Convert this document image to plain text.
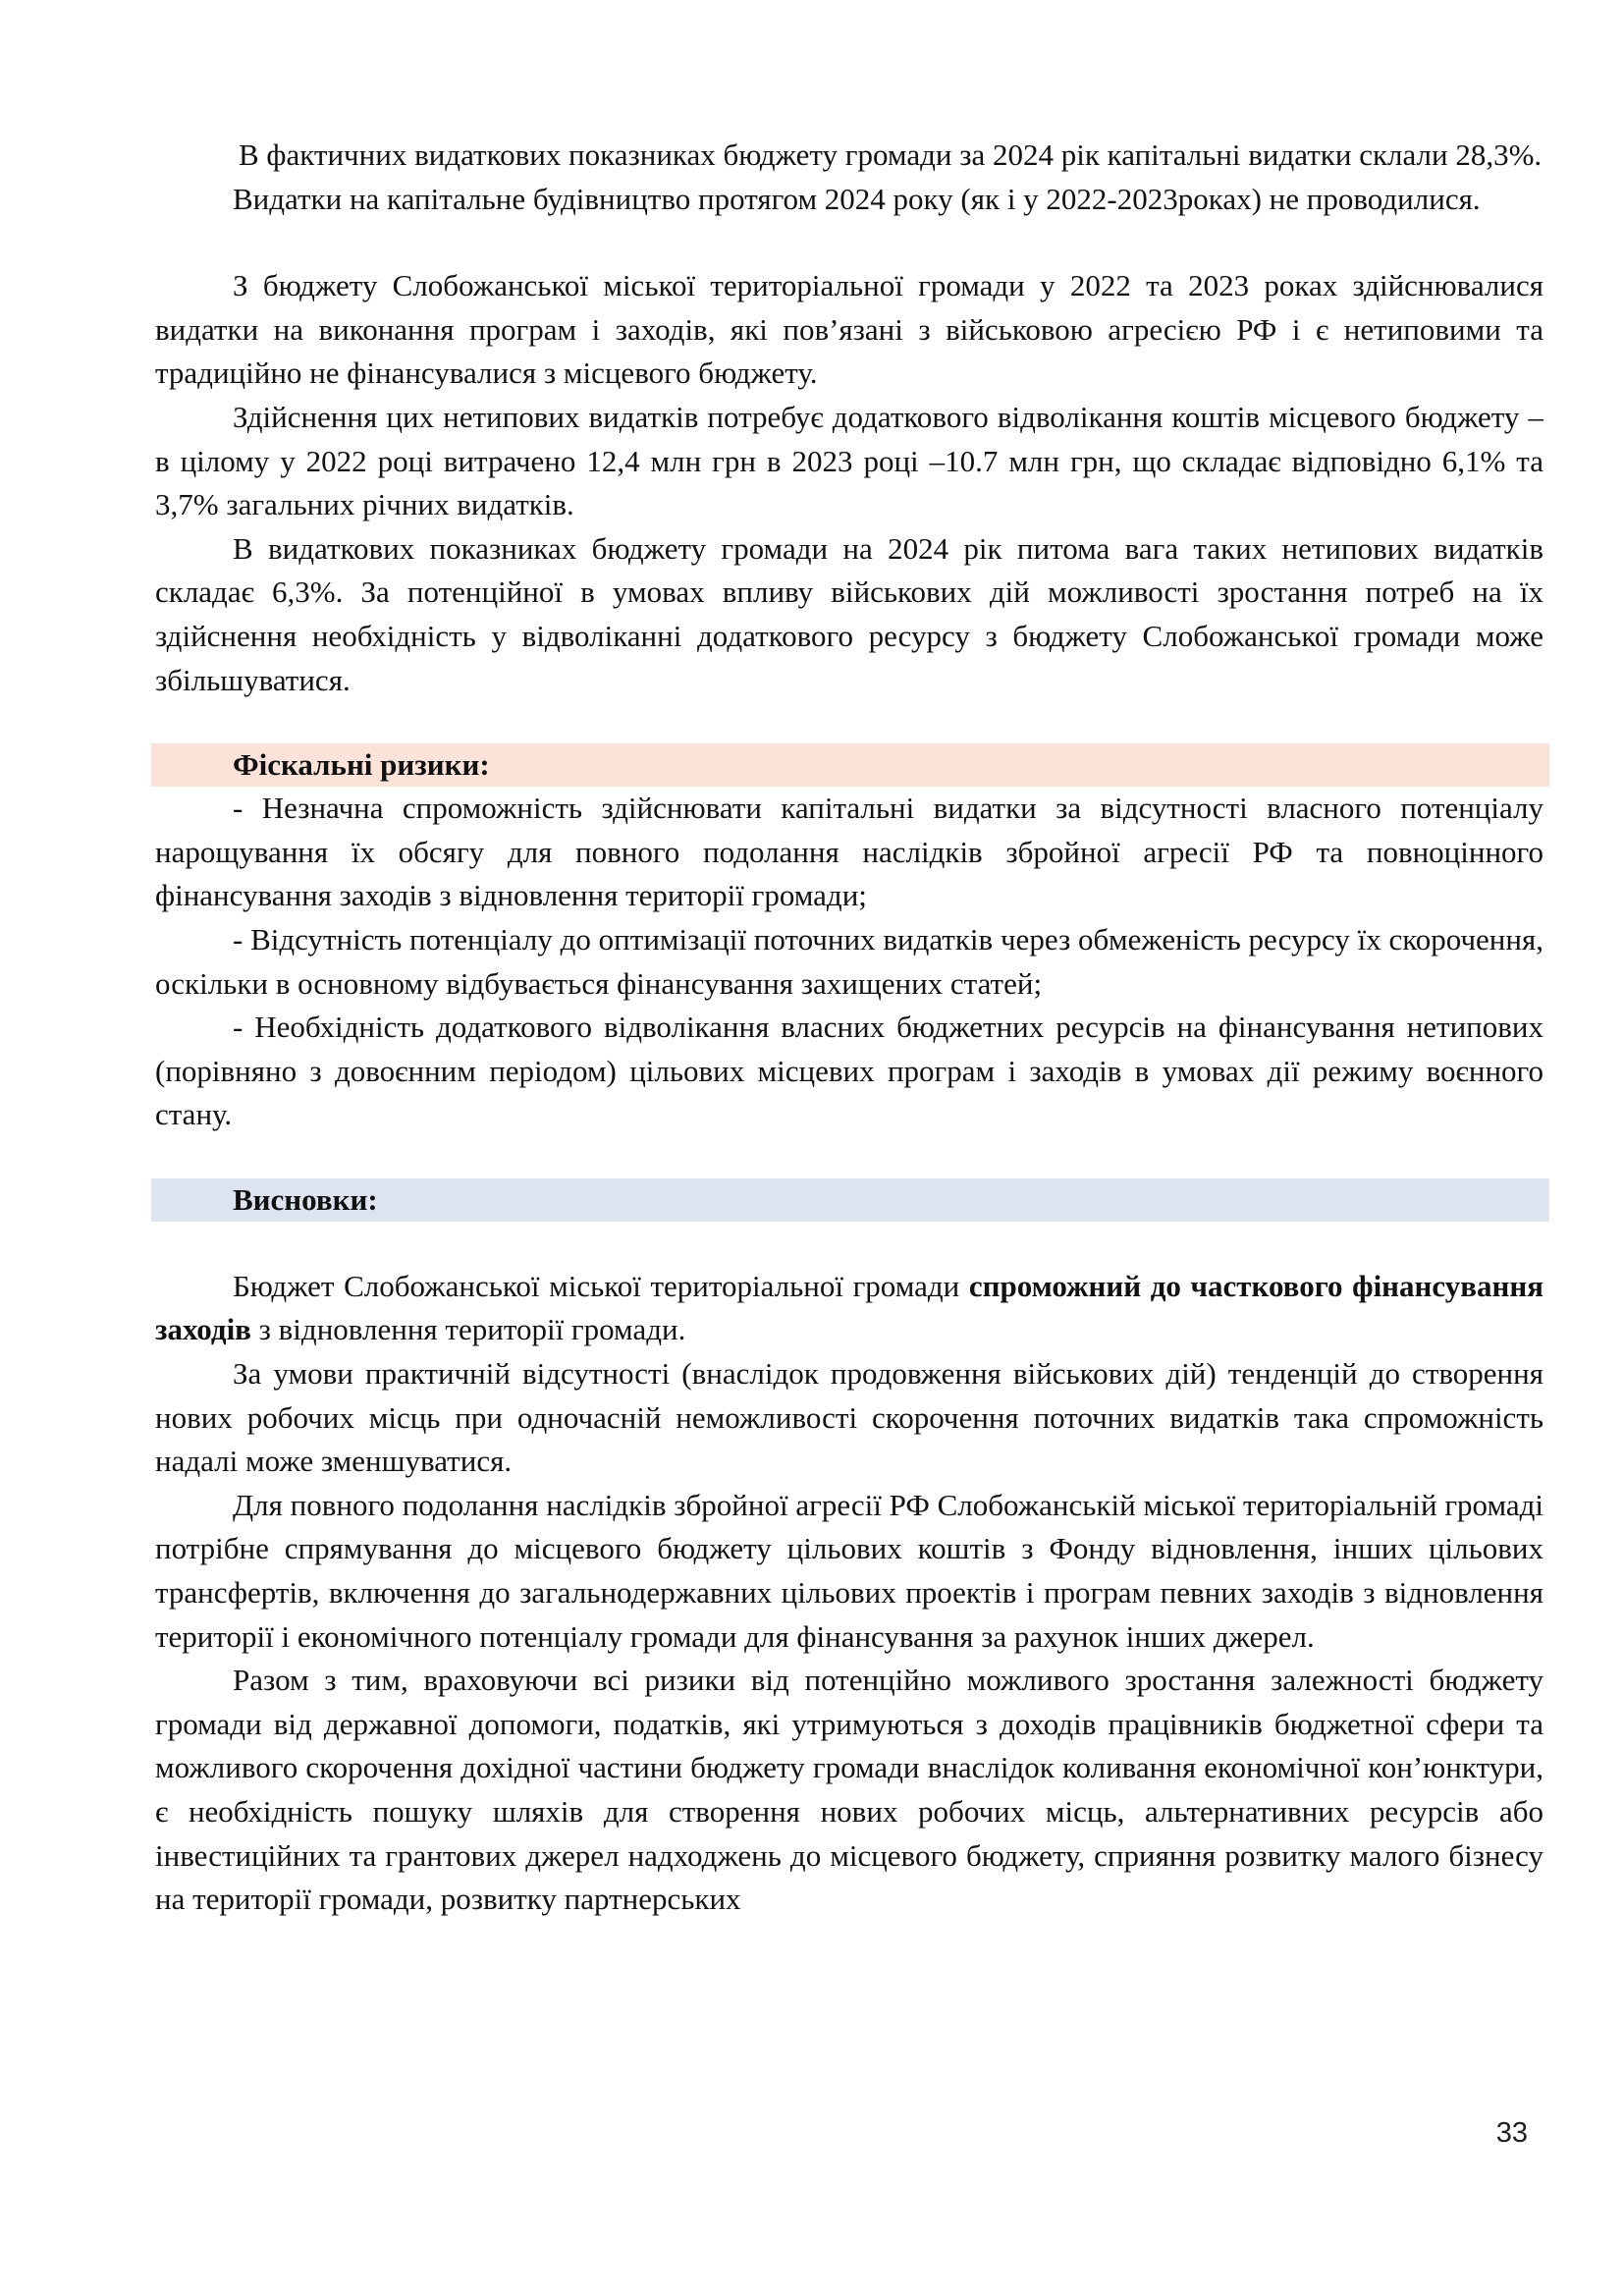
В фактичних видаткових показниках бюджету громади за 2024 рік капітальні видатки склали 28,3%.

Видатки на капітальне будівництво протягом 2024 року (як і у 2022-2023роках) не проводилися.

З бюджету Слобожанської міської територіальної громади у 2022 та 2023 роках здійснювалися видатки на виконання програм і заходів, які пов’язані з військовою агресією РФ і є нетиповими та традиційно не фінансувалися з місцевого бюджету.

Здійснення цих нетипових видатків потребує додаткового відволікання коштів місцевого бюджету – в цілому у 2022 році витрачено 12,4 млн грн в 2023 році –10.7 млн грн, що складає відповідно 6,1% та 3,7% загальних річних видатків.

В видаткових показниках бюджету громади на 2024 рік питома вага таких нетипових видатків складає 6,3%. За потенційної в умовах впливу військових дій можливості зростання потреб на їх здійснення необхідність у відволіканні додаткового ресурсу з бюджету Слобожанської громади може збільшуватися.

Фіскальні ризики:

- Незначна спроможність здійснювати капітальні видатки за відсутності власного потенціалу нарощування їх обсягу для повного подолання наслідків збройної агресії РФ та повноцінного фінансування заходів з відновлення території громади;

- Відсутність потенціалу до оптимізації поточних видатків через обмеженість ресурсу їх скорочення, оскільки в основному відбувається фінансування захищених статей;

- Необхідність додаткового відволікання власних бюджетних ресурсів на фінансування нетипових (порівняно з довоєнним періодом) цільових місцевих програм і заходів в умовах дії режиму воєнного стану.

Висновки:

Бюджет Слобожанської міської територіальної громади спроможний до часткового фінансування заходів з відновлення території громади.

За умови практичній відсутності (внаслідок продовження військових дій) тенденцій до створення нових робочих місць при одночасній неможливості скорочення поточних видатків така спроможність надалі може зменшуватися.

Для повного подолання наслідків збройної агресії РФ Слобожанській міської територіальній громаді потрібне спрямування до місцевого бюджету цільових коштів з Фонду відновлення, інших цільових трансфертів, включення до загальнодержавних цільових проектів і програм певних заходів з відновлення території і економічного потенціалу громади для фінансування за рахунок інших джерел.

Разом з тим, враховуючи всі ризики від потенційно можливого зростання залежності бюджету громади від державної допомоги, податків, які утримуються з доходів працівників бюджетної сфери та можливого скорочення дохідної частини бюджету громади внаслідок коливання економічної кон’юнктури, є необхідність пошуку шляхів для створення нових робочих місць, альтернативних ресурсів або інвестиційних та грантових джерел надходжень до місцевого бюджету, сприяння розвитку малого бізнесу на території громади, розвитку партнерських

33
